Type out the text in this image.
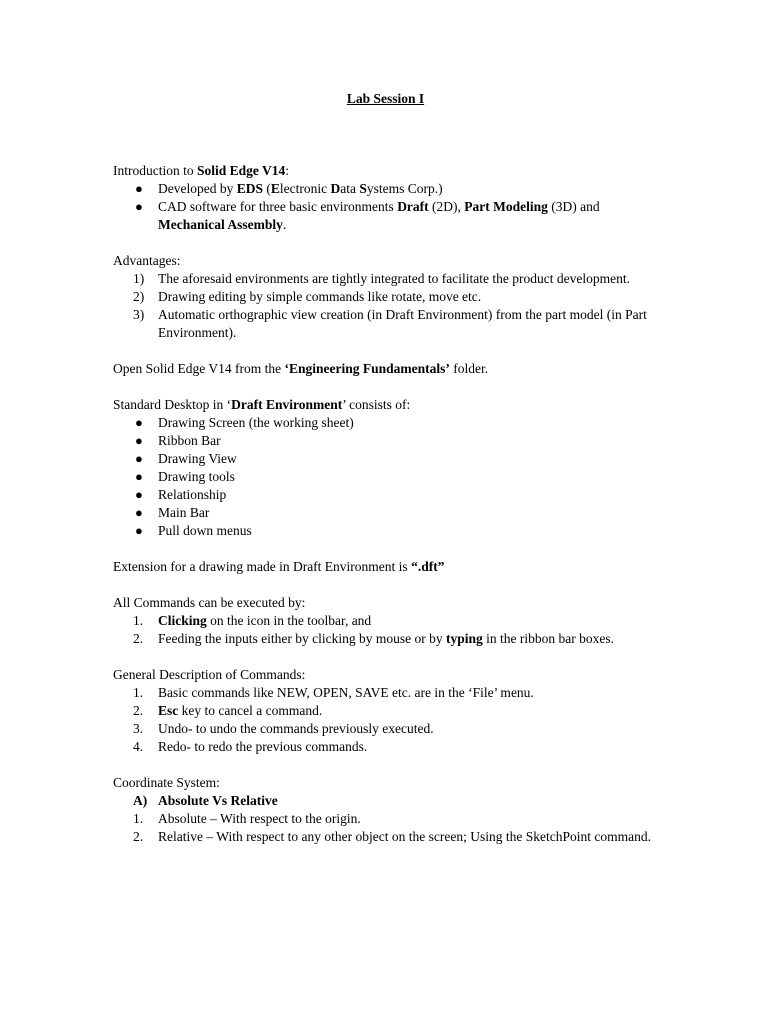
Lab Session I

Introduction to Solid Edge V14:

● Developed by EDS (Electronic Data Systems Corp.)
● CAD software for three basic environments Draft (2D), Part Modeling (3D) and
Mechanical Assembly.

Advantages:

1) The aforesaid environments are tightly integrated to facilitate the product development.
2) Drawing editing by simple commands like rotate, move etc.
3) Automatic orthographic view creation (in Draft Environment) from the part model (in Part Environment).

Open Solid Edge V14 from the ‘Engineering Fundamentals’ folder.

Standard Desktop in ‘Draft Environment’ consists of:

● Drawing Screen (the working sheet)
● Ribbon Bar
● Drawing View
● Drawing tools
● Relationship
● Main Bar
● Pull down menus

Extension for a drawing made in Draft Environment is “.dft”

All Commands can be executed by:

1. Clicking on the icon in the toolbar, and
2. Feeding the inputs either by clicking by mouse or by typing in the ribbon bar boxes.

General Description of Commands:

1. Basic commands like NEW, OPEN, SAVE etc. are in the ‘File’ menu.
2. Esc key to cancel a command.
3. Undo- to undo the commands previously executed.
4. Redo- to redo the previous commands.

Coordinate System:

A) Absolute Vs Relative
1. Absolute – With respect to the origin.
2. Relative – With respect to any other object on the screen; Using the SketchPoint command.
